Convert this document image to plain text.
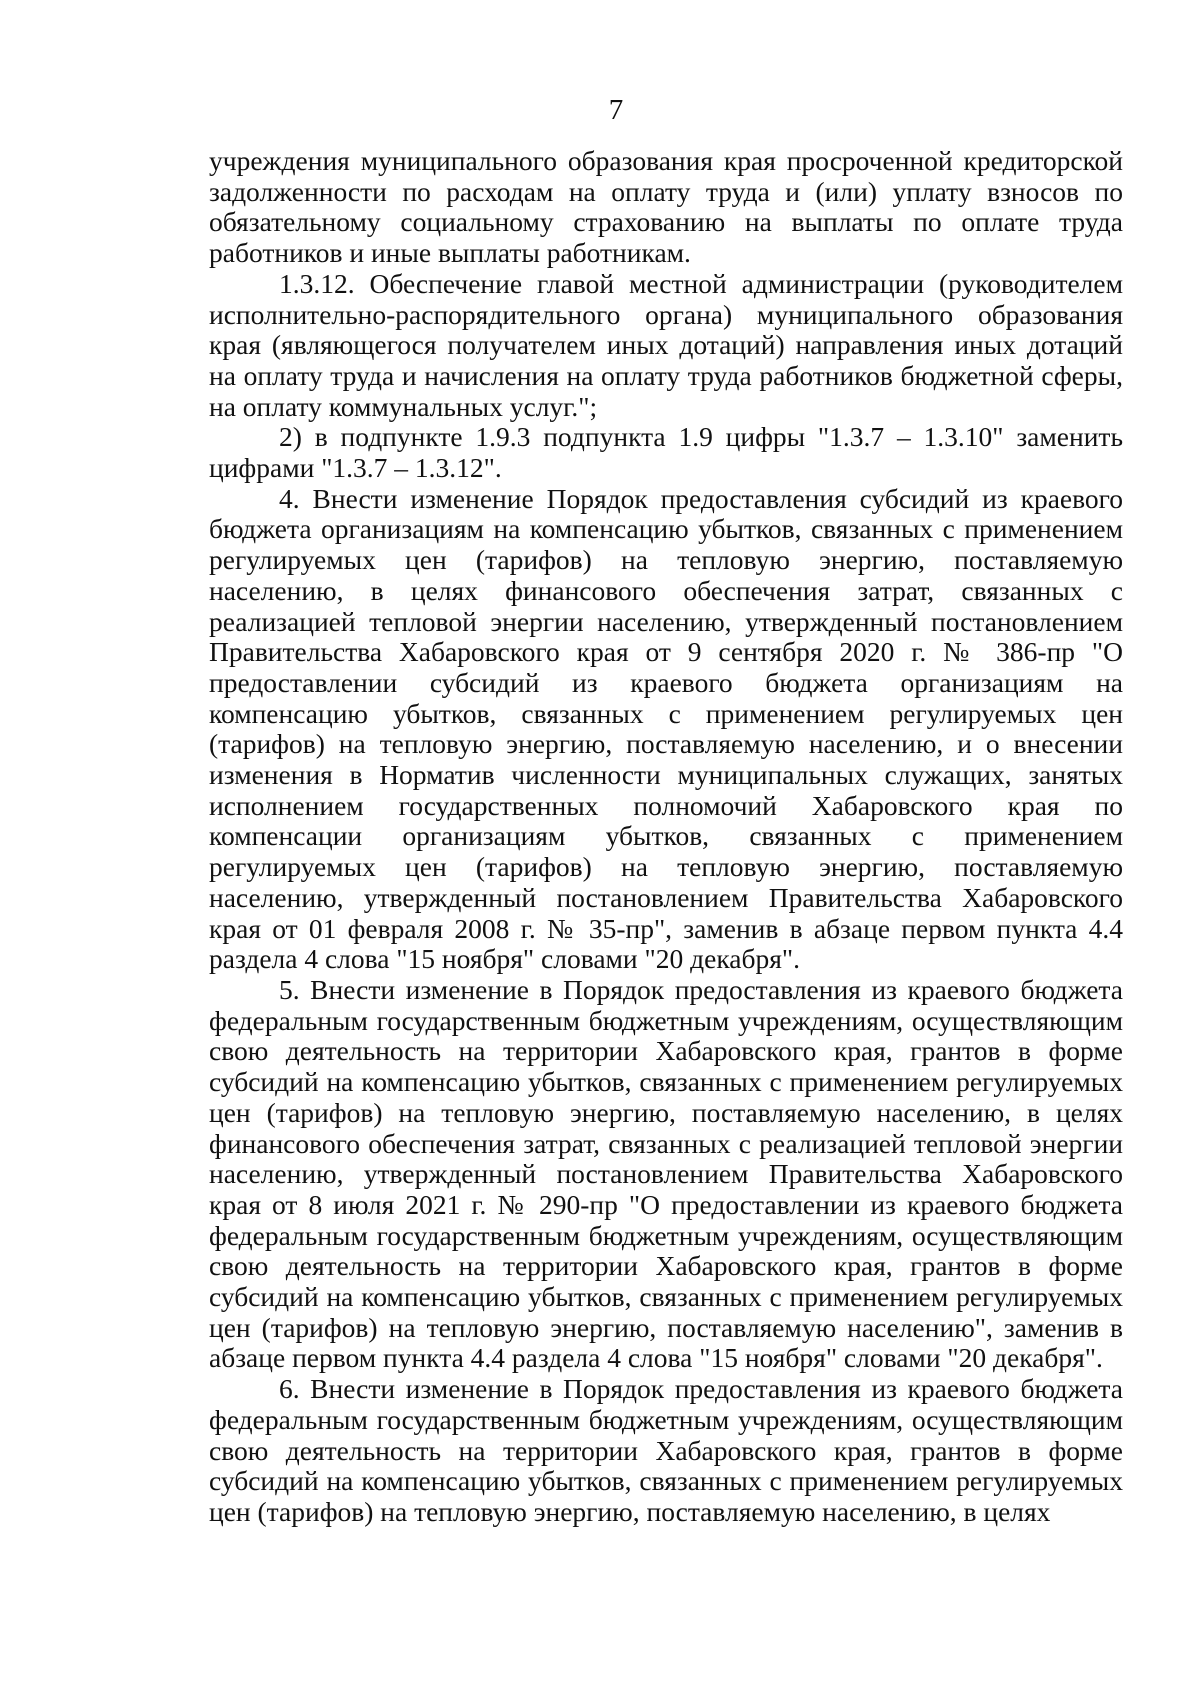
7

учреждения муниципального образования края просроченной кредиторской задолженности по расходам на оплату труда и (или) уплату взносов по обязательному социальному страхованию на выплаты по оплате труда работников и иные выплаты работникам.

1.3.12. Обеспечение главой местной администрации (руководителем исполнительно-распорядительного органа) муниципального образования края (являющегося получателем иных дотаций) направления иных дотаций на оплату труда и начисления на оплату труда работников бюджетной сферы, на оплату коммунальных услуг.";

2) в подпункте 1.9.3 подпункта 1.9 цифры "1.3.7 – 1.3.10" заменить цифрами "1.3.7 – 1.3.12".

4. Внести изменение Порядок предоставления субсидий из краевого бюджета организациям на компенсацию убытков, связанных с применением регулируемых цен (тарифов) на тепловую энергию, поставляемую населению, в целях финансового обеспечения затрат, связанных с реализацией тепловой энергии населению, утвержденный постановлением Правительства Хабаровского края от 9 сентября 2020 г. № 386-пр "О предоставлении субсидий из краевого бюджета организациям на компенсацию убытков, связанных с применением регулируемых цен (тарифов) на тепловую энергию, поставляемую населению, и о внесении изменения в Норматив численности муниципальных служащих, занятых исполнением государственных полномочий Хабаровского края по компенсации организациям убытков, связанных с применением регулируемых цен (тарифов) на тепловую энергию, поставляемую населению, утвержденный постановлением Правительства Хабаровского края от 01 февраля 2008 г. № 35-пр", заменив в абзаце первом пункта 4.4 раздела 4 слова "15 ноября" словами "20 декабря".

5. Внести изменение в Порядок предоставления из краевого бюджета федеральным государственным бюджетным учреждениям, осуществляющим свою деятельность на территории Хабаровского края, грантов в форме субсидий на компенсацию убытков, связанных с применением регулируемых цен (тарифов) на тепловую энергию, поставляемую населению, в целях финансового обеспечения затрат, связанных с реализацией тепловой энергии населению, утвержденный постановлением Правительства Хабаровского края от 8 июля 2021 г. № 290-пр "О предоставлении из краевого бюджета федеральным государственным бюджетным учреждениям, осуществляющим свою деятельность на территории Хабаровского края, грантов в форме субсидий на компенсацию убытков, связанных с применением регулируемых цен (тарифов) на тепловую энергию, поставляемую населению", заменив в абзаце первом пункта 4.4 раздела 4 слова "15 ноября" словами "20 декабря".

6. Внести изменение в Порядок предоставления из краевого бюджета федеральным государственным бюджетным учреждениям, осуществляющим свою деятельность на территории Хабаровского края, грантов в форме субсидий на компенсацию убытков, связанных с применением регулируемых цен (тарифов) на тепловую энергию, поставляемую населению, в целях
